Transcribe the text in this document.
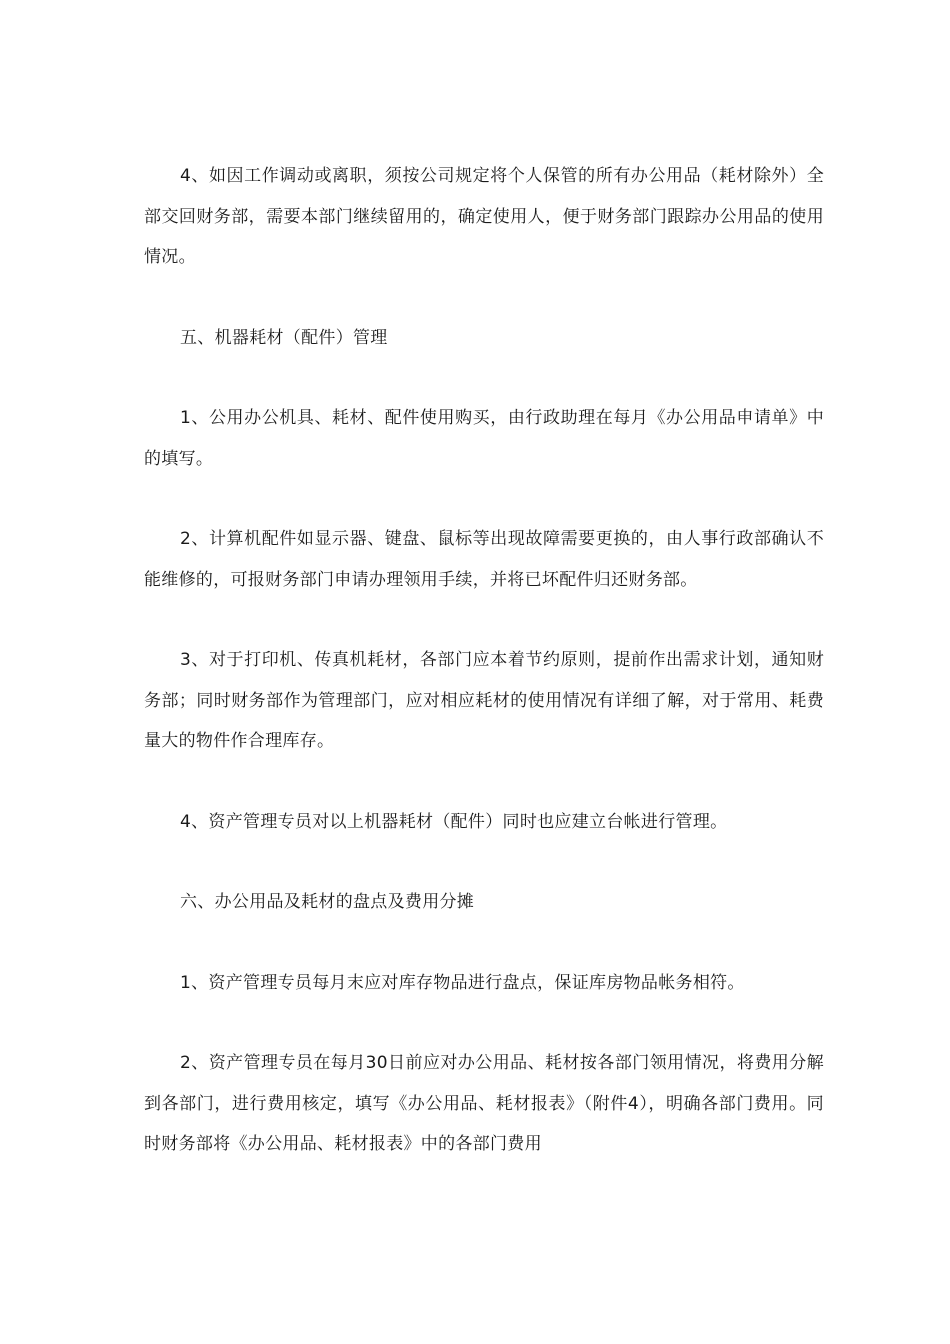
4、如因工作调动或离职，须按公司规定将个人保管的所有办公用品（耗材除外）全部交回财务部，需要本部门继续留用的，确定使用人，便于财务部门跟踪办公用品的使用情况。

五、机器耗材（配件）管理

1、公用办公机具、耗材、配件使用购买，由行政助理在每月《办公用品申请单》中的填写。

2、计算机配件如显示器、键盘、鼠标等出现故障需要更换的，由人事行政部确认不能维修的，可报财务部门申请办理领用手续，并将已坏配件归还财务部。

3、对于打印机、传真机耗材，各部门应本着节约原则，提前作出需求计划，通知财务部；同时财务部作为管理部门，应对相应耗材的使用情况有详细了解，对于常用、耗费量大的物件作合理库存。

4、资产管理专员对以上机器耗材（配件）同时也应建立台帐进行管理。

六、办公用品及耗材的盘点及费用分摊

1、资产管理专员每月末应对库存物品进行盘点，保证库房物品帐务相符。

2、资产管理专员在每月30日前应对办公用品、耗材按各部门领用情况，将费用分解到各部门，进行费用核定，填写《办公用品、耗材报表》（附件4），明确各部门费用。同时财务部将《办公用品、耗材报表》中的各部门费用
